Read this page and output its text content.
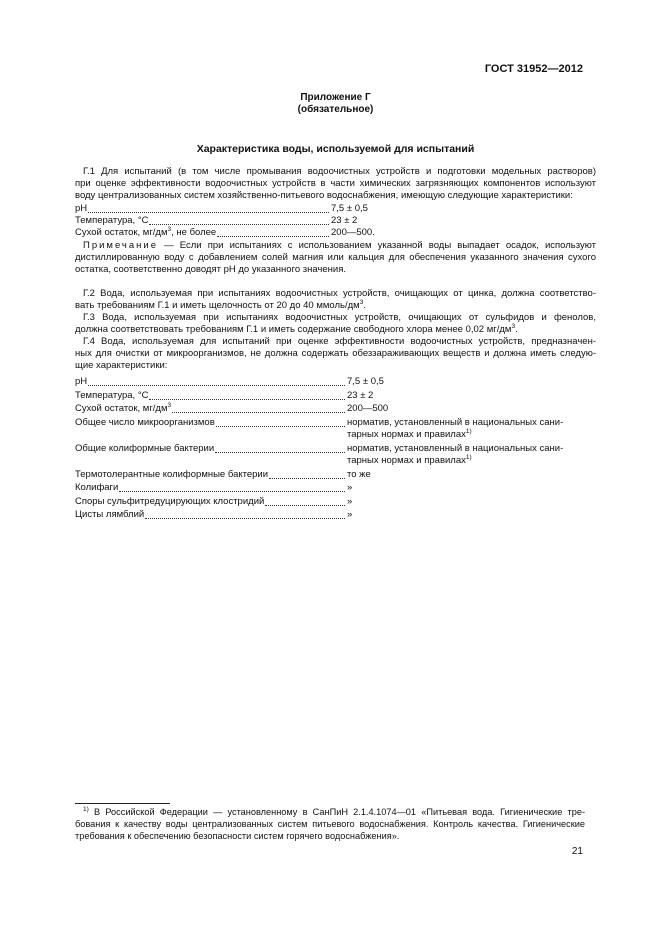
ГОСТ 31952—2012
Приложение Г
(обязательное)
Характеристика воды, используемой для испытаний
Г.1 Для испытаний (в том числе промывания водоочистных устройств и подготовки модельных растворов)
при оценке эффективности водоочистных устройств в части химических загрязняющих компонентов используют
воду централизованных систем хозяйственно-питьевого водоснабжения, имеющую следующие характеристики:
pH	7,5 ± 0,5
Температура, °С	23 ± 2
Сухой остаток, $мг/дм^3$, не более	200—500.
Примечание — Если при испытаниях с использованием указанной воды выпадает осадок, используют
дистиллированную воду с добавлением солей магния или кальция для обеспечения указанного значения сухого
остатка, соответственно доводят pH до указанного значения.
Г.2 Вода, используемая при испытаниях водоочистных устройств, очищающих от цинка, должна соответство-
вать требованиям Г.1 и иметь щелочность от 20 до 40 ммоль/$дм^3$.
Г.3 Вода, используемая при испытаниях водоочистных устройств, очищающих от сульфидов и фенолов,
должна соответствовать требованиям Г.1 и иметь содержание свободного хлора менее 0,02 $мг/дм^3$.
Г.4 Вода, используемая для испытаний при оценке эффективности водоочистных устройств, предназначен-
ных для очистки от микроорганизмов, не должна содержать обеззараживающих веществ и должна иметь следую-
щие характеристики:
pH	7,5 ± 0,5
Температура, °С	23 ± 2
Сухой остаток, $мг/дм^3$	200—500
Общее число микроорганизмов	норматив, установленный в национальных сани-
тарных нормах и правилах$^{1)}$
Общие колиформные бактерии	норматив, установленный в национальных сани-
тарных нормах и правилах$^{1)}$
Термотолерантные колиформные бактерии	то же
Колифаги	»
Споры сульфитредуцирующих клостридий	»
Цисты лямблий	»
$^{1)}$ В Российской Федерации — установленному в СанПиН 2.1.4.1074—01 «Питьевая вода. Гигиенические тре-
бования к качеству воды централизованных систем питьевого водоснабжения. Контроль качества. Гигиенические
требования к обеспечению безопасности систем горячего водоснабжения».
21
